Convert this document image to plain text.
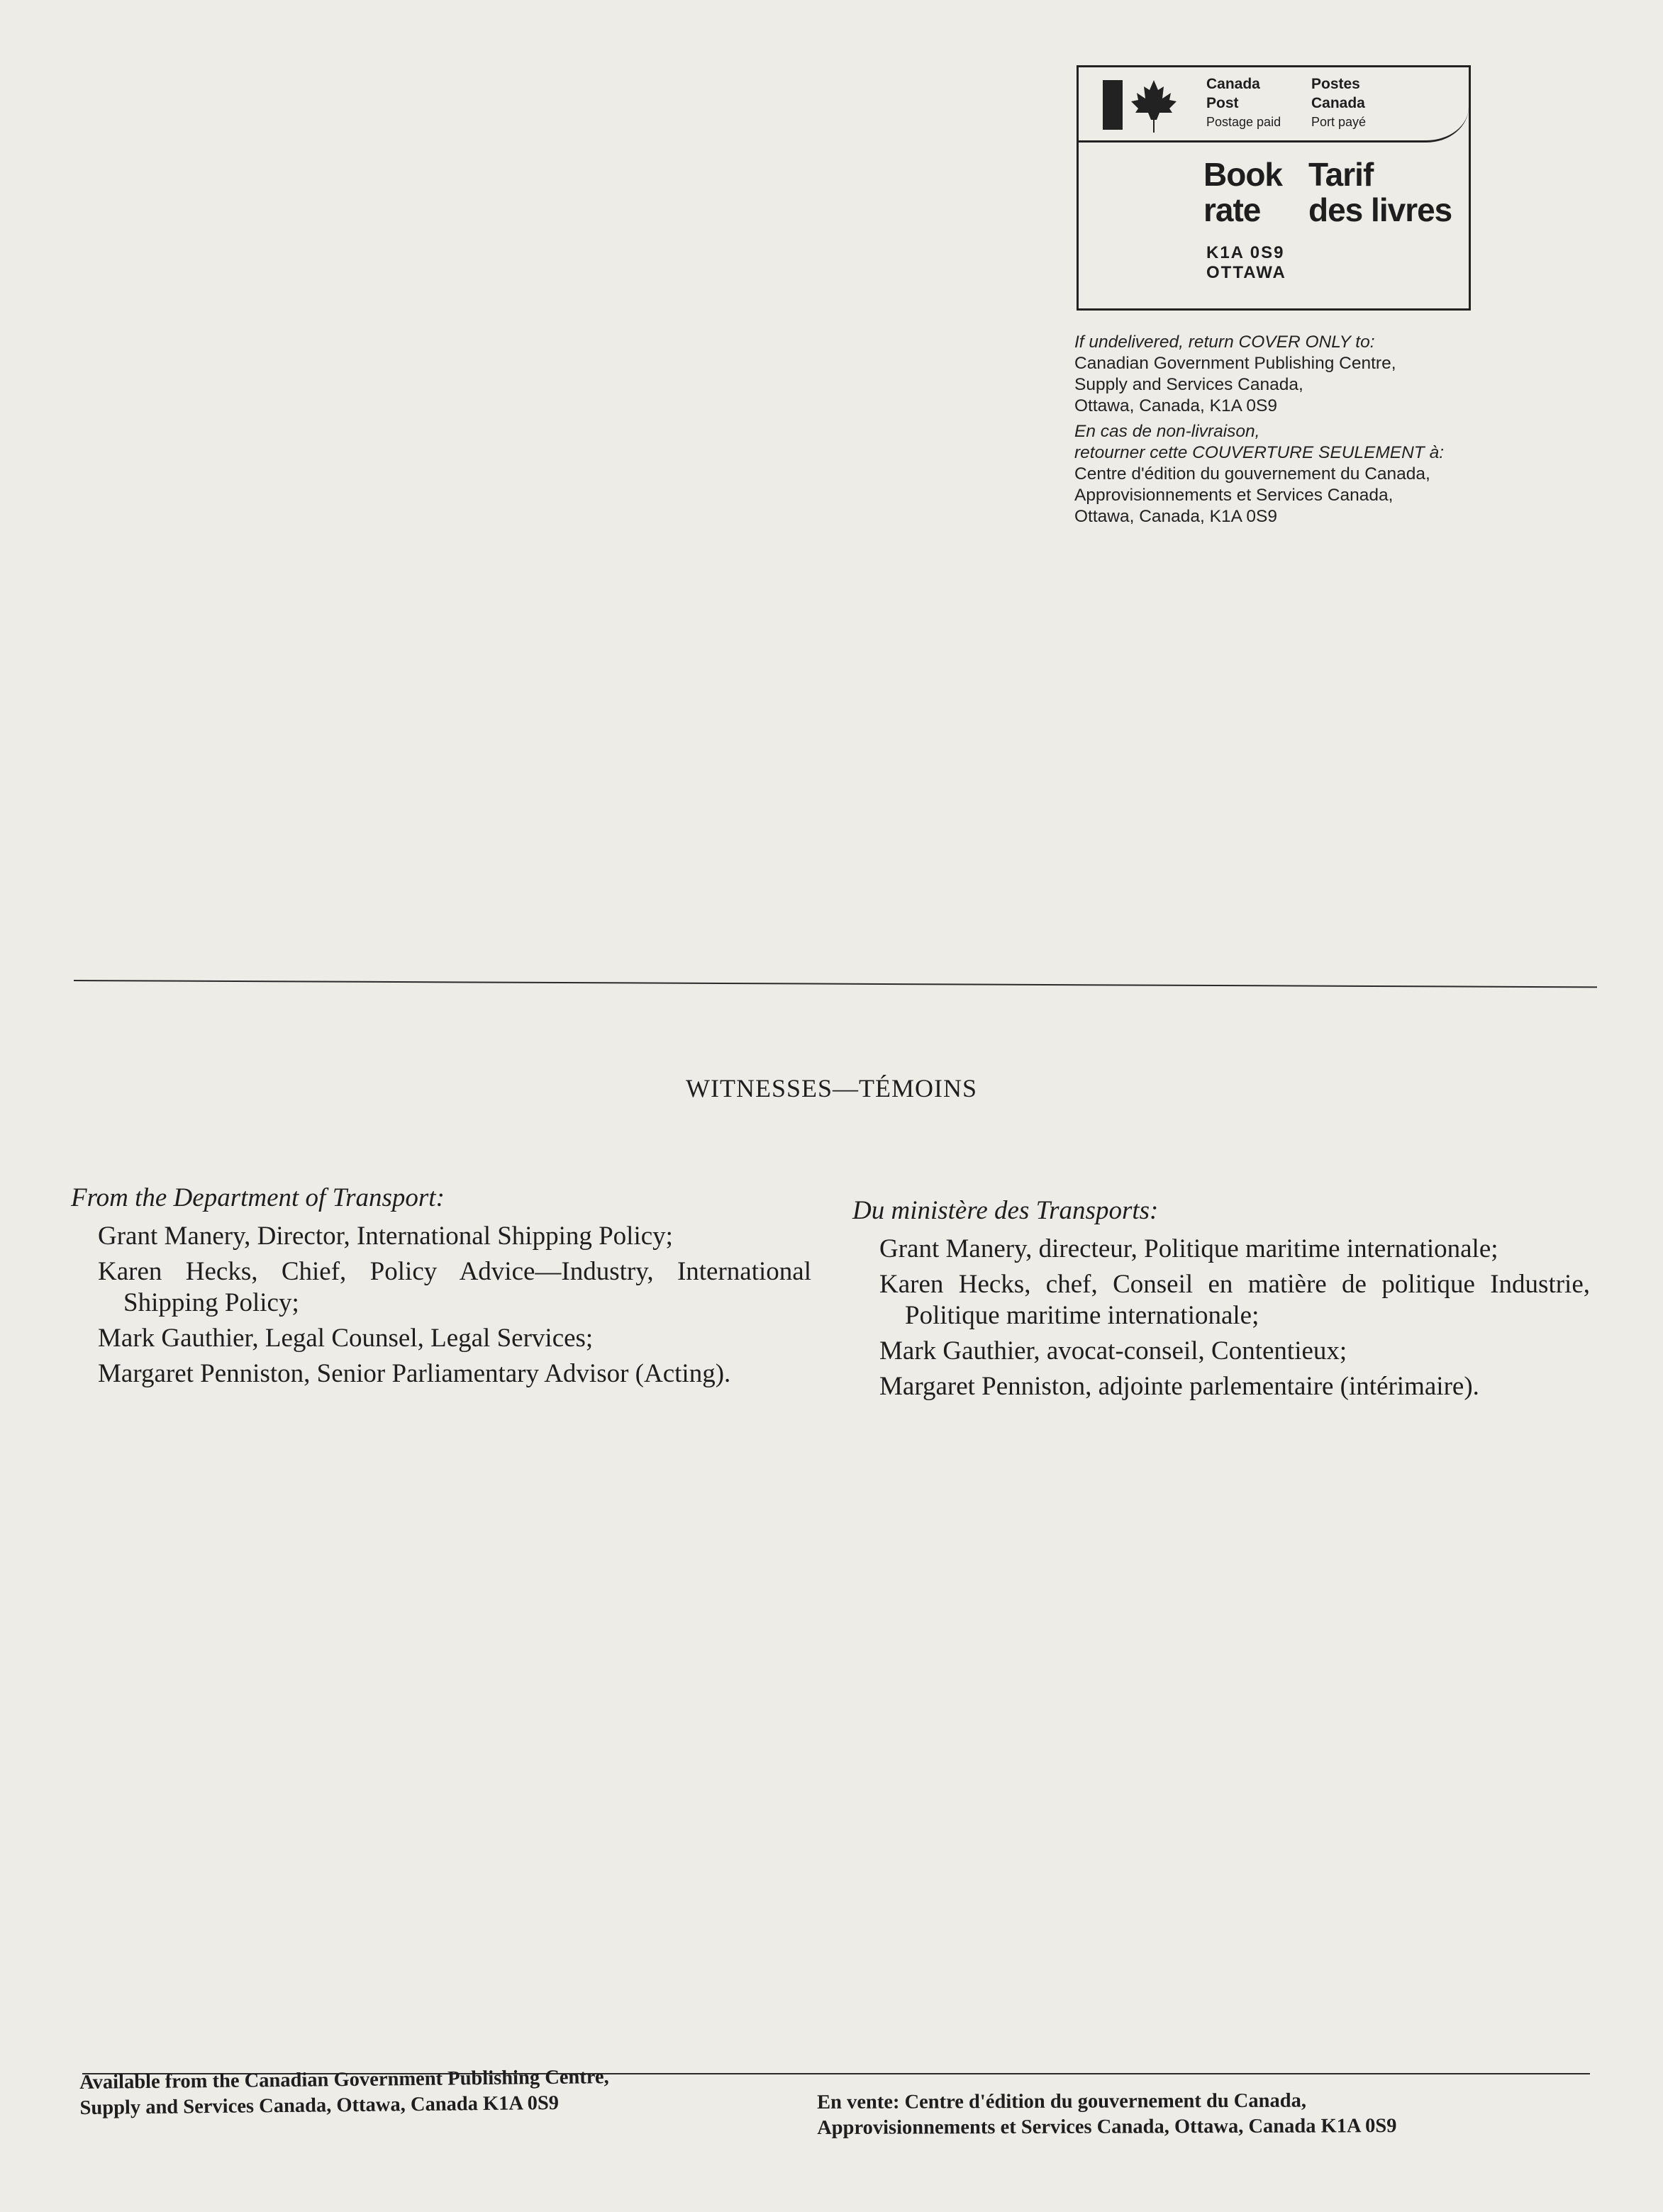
Canada
Post
Postage paid
Postes
Canada
Port payé
Book
rate
Tarif
des livres
K1A 0S9
OTTAWA
If undelivered, return COVER ONLY to:
Canadian Government Publishing Centre,
Supply and Services Canada,
Ottawa, Canada, K1A 0S9
En cas de non-livraison,
retourner cette COUVERTURE SEULEMENT à:
Centre d'édition du gouvernement du Canada,
Approvisionnements et Services Canada,
Ottawa, Canada, K1A 0S9
WITNESSES—TÉMOINS
From the Department of Transport:
Grant Manery, Director, International Shipping Policy;
Karen Hecks, Chief, Policy Advice—Industry, International Shipping Policy;
Mark Gauthier, Legal Counsel, Legal Services;
Margaret Penniston, Senior Parliamentary Advisor (Acting).
Du ministère des Transports:
Grant Manery, directeur, Politique maritime internationale;
Karen Hecks, chef, Conseil en matière de politique Industrie, Politique maritime internationale;
Mark Gauthier, avocat-conseil, Contentieux;
Margaret Penniston, adjointe parlementaire (intérimaire).
Available from the Canadian Government Publishing Centre,
Supply and Services Canada, Ottawa, Canada K1A 0S9	En vente: Centre d'édition du gouvernement du Canada,
Approvisionnements et Services Canada, Ottawa, Canada K1A 0S9
